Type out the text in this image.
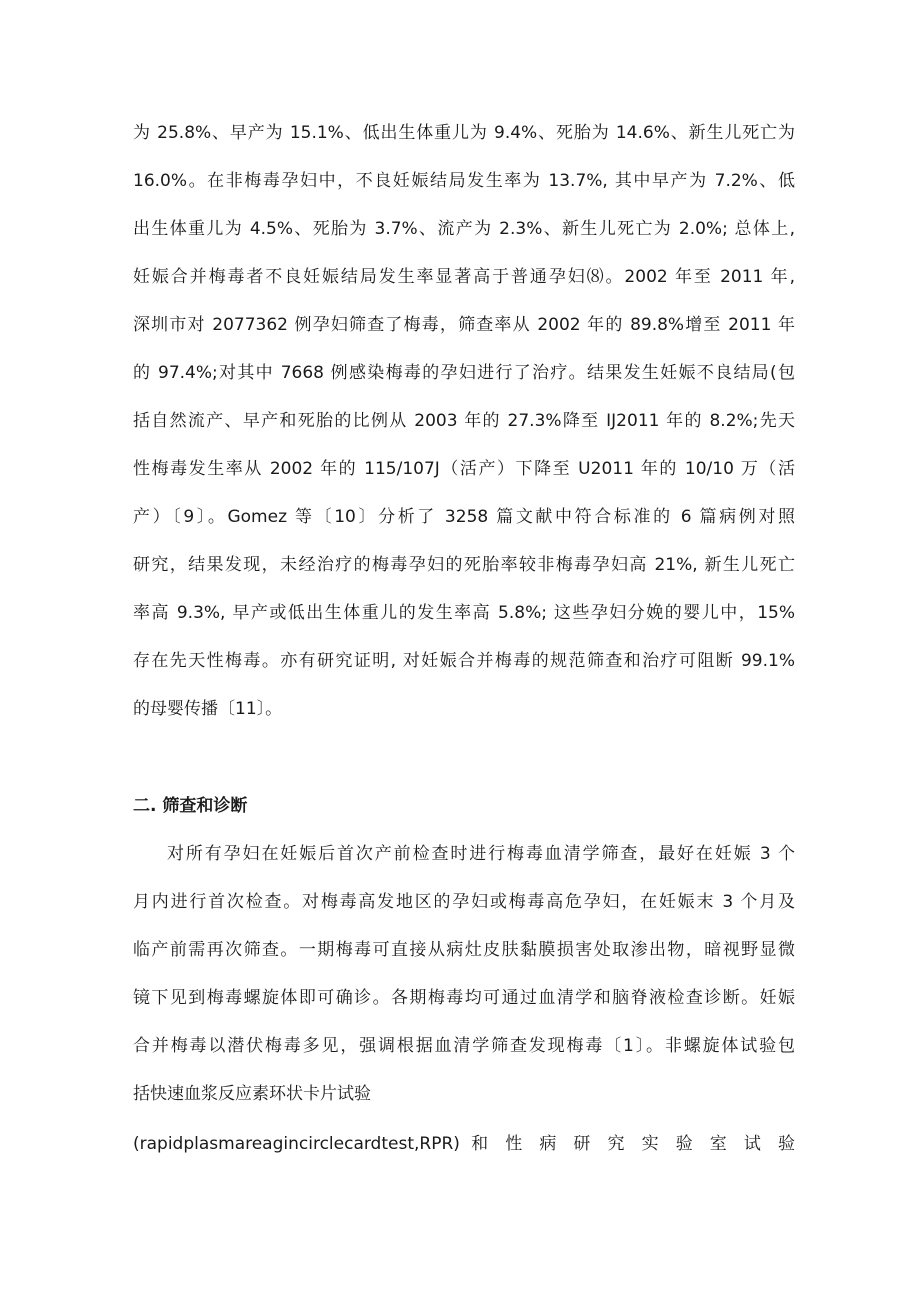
为 25.8%、早产为 15.1%、低出生体重儿为 9.4%、死胎为 14.6%、新生儿死亡为
16.0%。在非梅毒孕妇中，不良妊娠结局发生率为 13.7%, 其中早产为 7.2%、低
出生体重儿为 4.5%、死胎为 3.7%、流产为 2.3%、新生儿死亡为 2.0%; 总体上,
妊娠合并梅毒者不良妊娠结局发生率显著高于普通孕妇⑻。2002 年至 2011 年,
深圳市对 2077362 例孕妇筛查了梅毒，筛查率从 2002 年的 89.8%增至 2011 年
的 97.4%;对其中 7668 例感染梅毒的孕妇进行了治疗。结果发生妊娠不良结局(包
括自然流产、早产和死胎的比例从 2003 年的 27.3%降至 IJ2011 年的 8.2%;先天
性梅毒发生率从 2002 年的 115/107J（活产）下降至 U2011 年的 10/10 万（活
产）〔9〕。Gomez 等〔10〕分析了 3258 篇文献中符合标准的 6 篇病例对照
研究，结果发现，未经治疗的梅毒孕妇的死胎率较非梅毒孕妇高 21%, 新生儿死亡
率高 9.3%, 早产或低出生体重儿的发生率高 5.8%; 这些孕妇分娩的婴儿中，15%
存在先天性梅毒。亦有研究证明, 对妊娠合并梅毒的规范筛查和治疗可阻断 99.1%
的母婴传播〔11〕。
二. 筛查和诊断
对所有孕妇在妊娠后首次产前检查时进行梅毒血清学筛查，最好在妊娠 3 个
月内进行首次检查。对梅毒高发地区的孕妇或梅毒高危孕妇，在妊娠末 3 个月及
临产前需再次筛查。一期梅毒可直接从病灶皮肤黏膜损害处取渗出物，暗视野显微
镜下见到梅毒螺旋体即可确诊。各期梅毒均可通过血清学和脑脊液检查诊断。妊娠
合并梅毒以潜伏梅毒多见，强调根据血清学筛查发现梅毒〔1〕。非螺旋体试验包
括快速血浆反应素环状卡片试验
(rapidplasmareagincirclecardtest,RPR) 和 性 病 研 究 实 验 室 试 验
